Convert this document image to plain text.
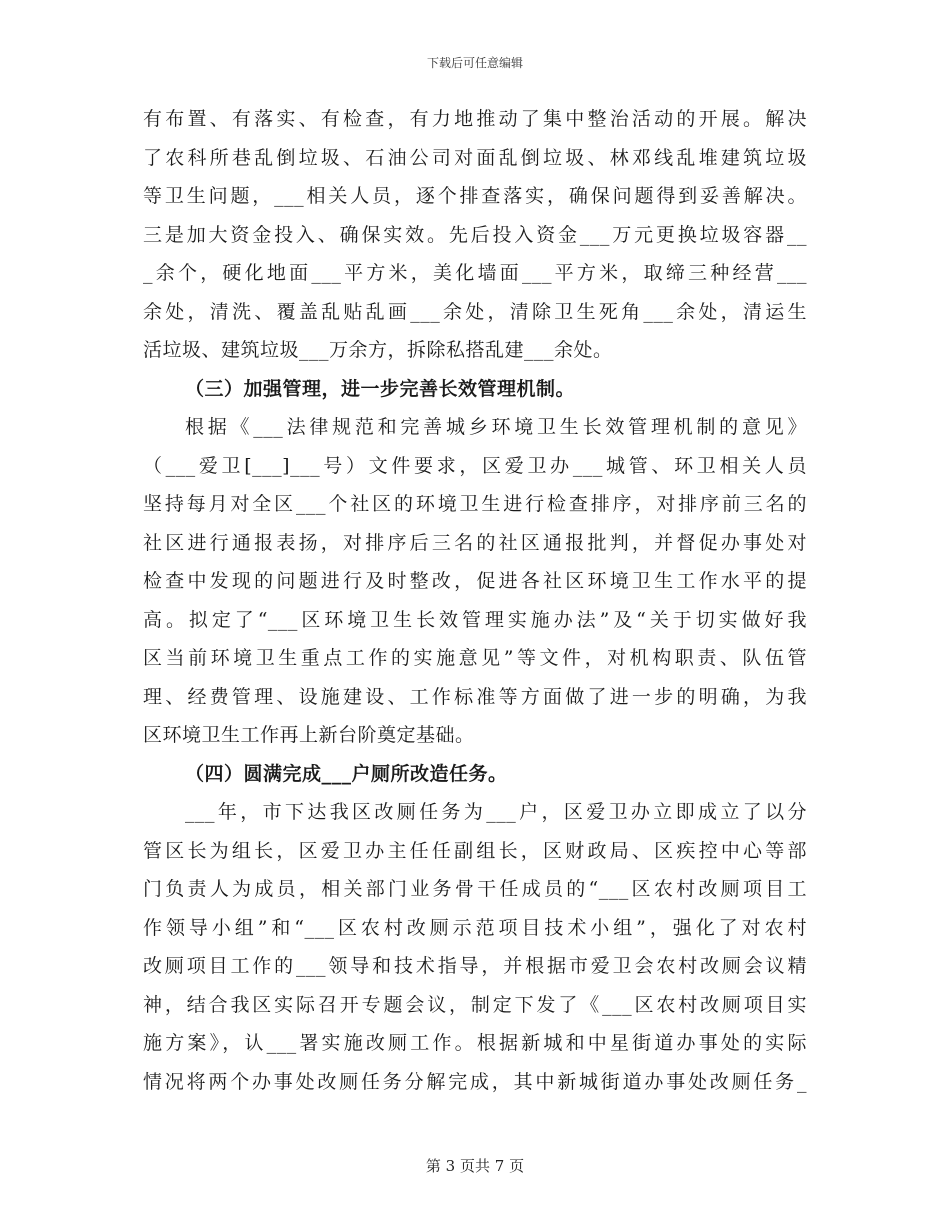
下载后可任意编辑
有布置、有落实、有检查，有力地推动了集中整治活动的开展。解决
了农科所巷乱倒垃圾、石油公司对面乱倒垃圾、林邓线乱堆建筑垃圾
等卫生问题，___相关人员，逐个排查落实，确保问题得到妥善解决。
三是加大资金投入、确保实效。先后投入资金___万元更换垃圾容器__
_余个，硬化地面___平方米，美化墙面___平方米，取缔三种经营___
余处，清洗、覆盖乱贴乱画___余处，清除卫生死角___余处，清运生
活垃圾、建筑垃圾___万余方，拆除私搭乱建___余处。
（三）加强管理，进一步完善长效管理机制。
根据《___法律规范和完善城乡环境卫生长效管理机制的意见》
（___爱卫[___]___号）文件要求，区爱卫办___城管、环卫相关人员
坚持每月对全区___个社区的环境卫生进行检查排序，对排序前三名的
社区进行通报表扬，对排序后三名的社区通报批判，并督促办事处对
检查中发现的问题进行及时整改，促进各社区环境卫生工作水平的提
高。拟定了“___区环境卫生长效管理实施办法”及“关于切实做好我
区当前环境卫生重点工作的实施意见”等文件，对机构职责、队伍管
理、经费管理、设施建设、工作标准等方面做了进一步的明确，为我
区环境卫生工作再上新台阶奠定基础。
（四）圆满完成___户厕所改造任务。
___年，市下达我区改厕任务为___户，区爱卫办立即成立了以分
管区长为组长，区爱卫办主任任副组长，区财政局、区疾控中心等部
门负责人为成员，相关部门业务骨干任成员的“___区农村改厕项目工
作领导小组”和“___区农村改厕示范项目技术小组”，强化了对农村
改厕项目工作的___领导和技术指导，并根据市爱卫会农村改厕会议精
神，结合我区实际召开专题会议，制定下发了《___区农村改厕项目实
施方案》，认___署实施改厕工作。根据新城和中星街道办事处的实际
情况将两个办事处改厕任务分解完成，其中新城街道办事处改厕任务_
第 3 页共 7 页
